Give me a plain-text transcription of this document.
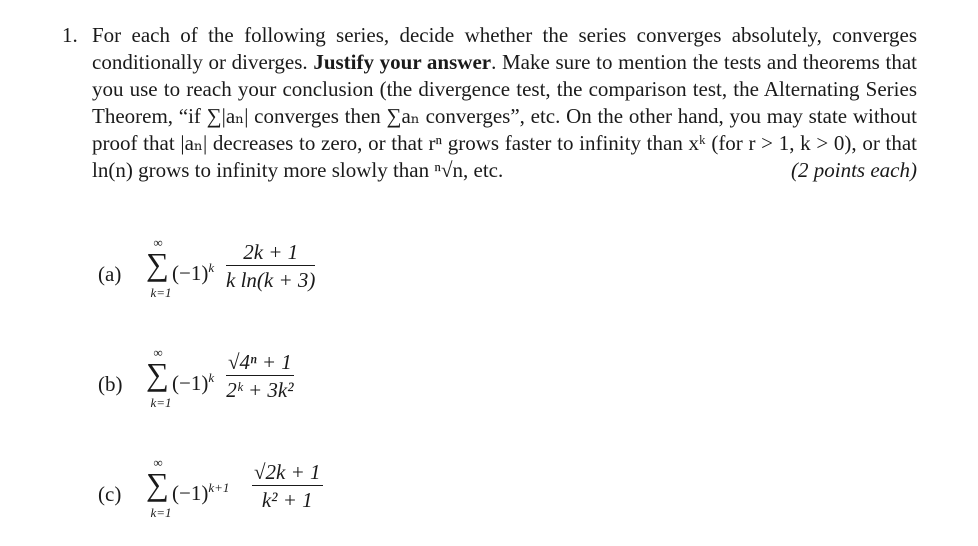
1. For each of the following series, decide whether the series converges absolutely, converges conditionally or diverges. Justify your answer. Make sure to mention the tests and theorems that you use to reach your conclusion (the divergence test, the comparison test, the Alternating Series Theorem, “if ∑|aₙ| converges then ∑aₙ converges”, etc. On the other hand, you may state without proof that |aₙ| decreases to zero, or that rⁿ grows faster to infinity than xᵏ (for r > 1, k > 0), or that ln(n) grows to infinity more slowly than ⁿ√n, etc.	(2 points each)
(a)
∞
∑
k=1
$(-1)^k \frac{2k + 1}{\text{k ln(k + 3)}}$
(b)
∞
∑
k=1
$(-1)^k \frac{\text{√4ⁿ + 1}}{\text{2ᵏ + 3k²}}$
(c)
∞
∑
k=1
$(-1)^{k+1} \frac{√2k + 1}{\text{k² + 1}}$
